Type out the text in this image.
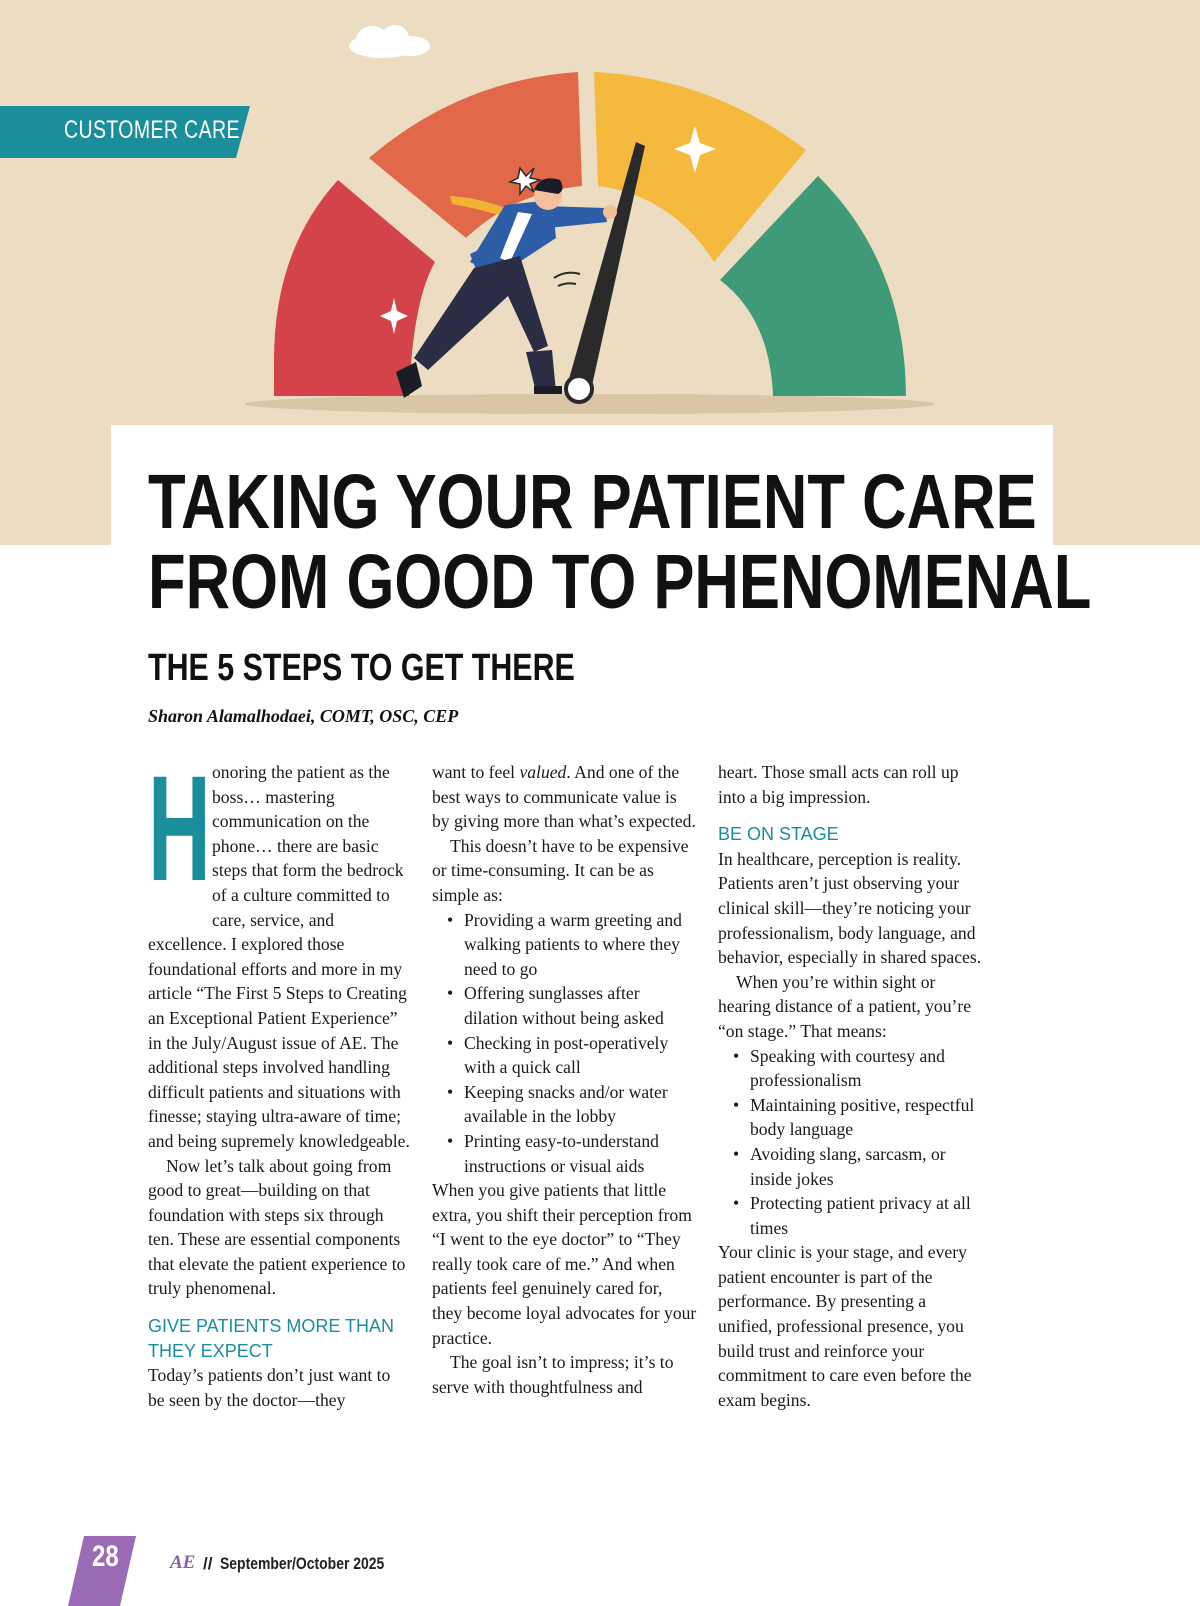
CUSTOMER CARE
TAKING YOUR PATIENT CARE
FROM GOOD TO PHENOMENAL
THE 5 STEPS TO GET THERE
Sharon Alamalhodaei, COMT, OSC, CEP
H onoring the patient as the boss… mastering communication on the phone… there are basic steps that form the bedrock of a culture committed to care, service, and excellence. I explored those foundational efforts and more in my article “The First 5 Steps to Creating an Exceptional Patient Experience” in the July/August issue of AE. The additional steps involved handling difficult patients and situations with finesse; staying ultra-aware of time; and being supremely knowledgeable.

Now let’s talk about going from good to great—building on that foundation with steps six through ten. These are essential components that elevate the patient experience to truly phenomenal.

GIVE PATIENTS MORE THAN THEY EXPECT

Today’s patients don’t just want to be seen by the doctor—they

want to feel valued. And one of the best ways to communicate value is by giving more than what’s expected.

This doesn’t have to be expensive or time-consuming. It can be as simple as:

• Providing a warm greeting and walking patients to where they need to go
• Offering sunglasses after dilation without being asked
• Checking in post-operatively with a quick call
• Keeping snacks and/or water available in the lobby
• Printing easy-to-understand instructions or visual aids

When you give patients that little extra, you shift their perception from “I went to the eye doctor” to “They really took care of me.” And when patients feel genuinely cared for, they become loyal advocates for your practice.

The goal isn’t to impress; it’s to serve with thoughtfulness and

heart. Those small acts can roll up into a big impression.

BE ON STAGE

In healthcare, perception is reality. Patients aren’t just observing your clinical skill—they’re noticing your professionalism, body language, and behavior, especially in shared spaces.

When you’re within sight or hearing distance of a patient, you’re “on stage.” That means:

• Speaking with courtesy and professionalism
• Maintaining positive, respectful body language
• Avoiding slang, sarcasm, or inside jokes
• Protecting patient privacy at all times

Your clinic is your stage, and every patient encounter is part of the performance. By presenting a unified, professional presence, you build trust and reinforce your commitment to care even before the exam begins.

28	AE // September/October 2025
